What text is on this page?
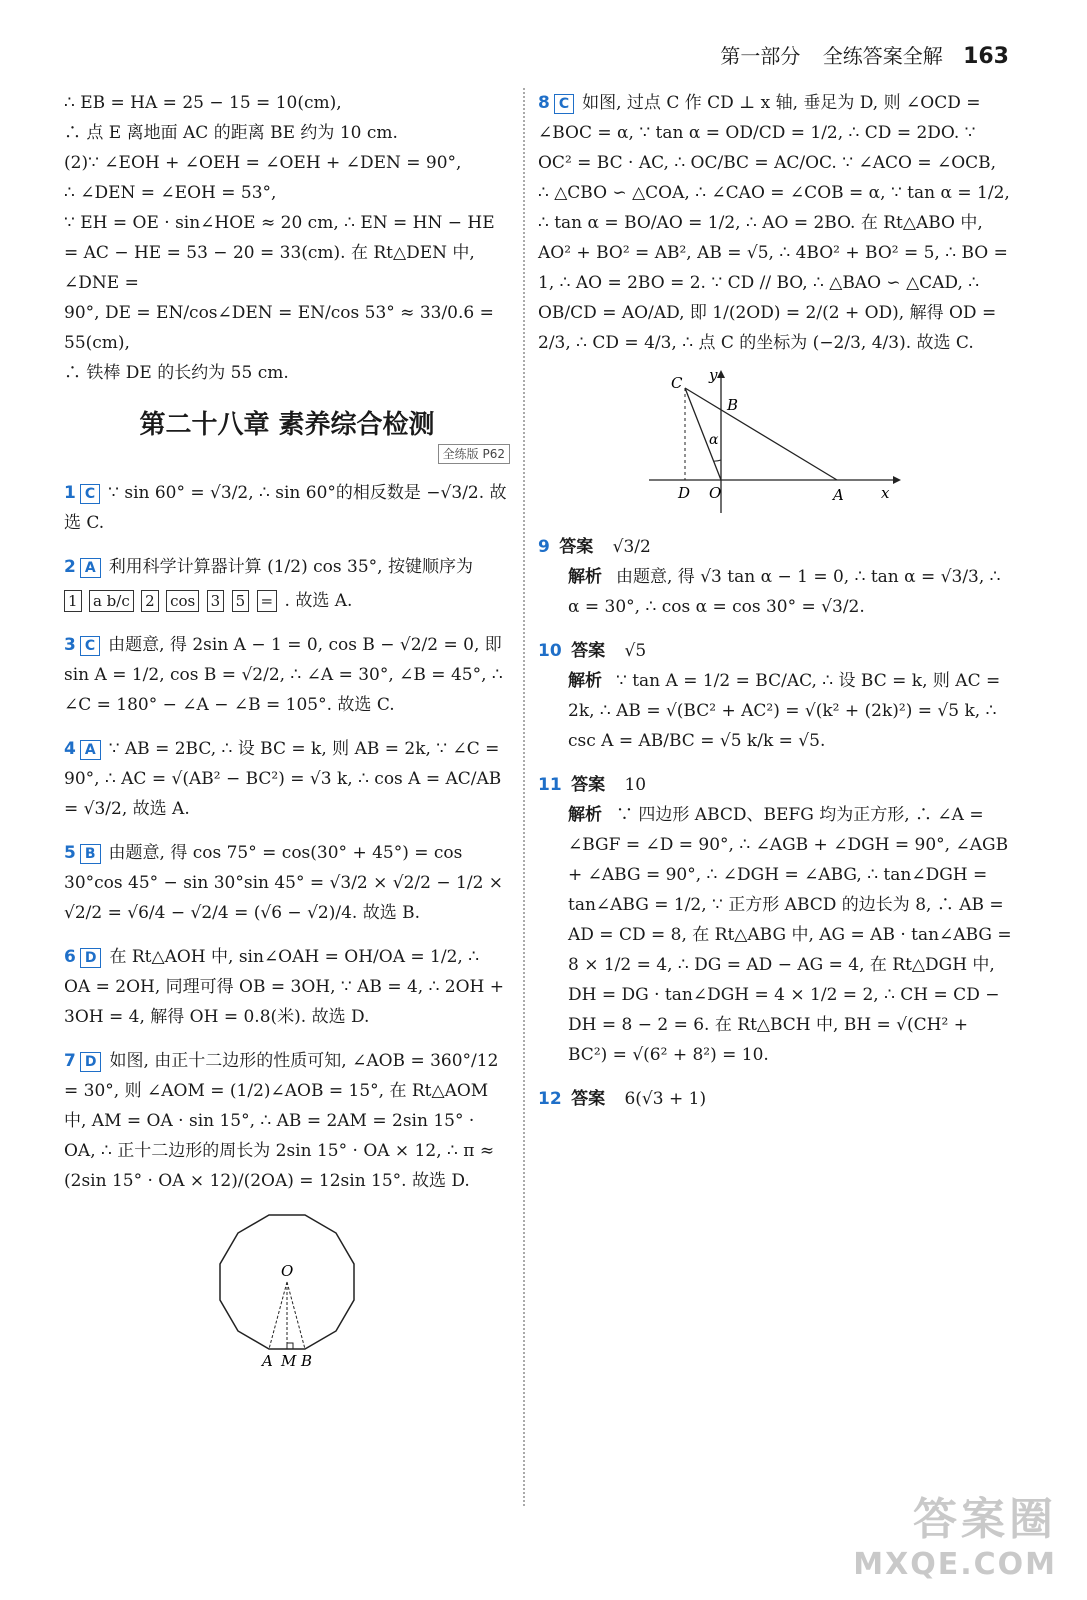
第一部分 全练答案全解 163

∴ EB = HA = 25 − 15 = 10(cm),

∴ 点 E 离地面 AC 的距离 BE 约为 10 cm.

(2)∵ ∠EOH + ∠OEH = ∠OEH + ∠DEN = 90°,

∴ ∠DEN = ∠EOH = 53°,

∵ EH = OE · sin∠HOE ≈ 20 cm, ∴ EN = HN − HE = AC − HE = 53 − 20 = 33(cm). 在 Rt△DEN 中, ∠DNE =

90°, DE = EN/cos∠DEN = EN/cos 53° ≈ 33/0.6 = 55(cm),

∴ 铁棒 DE 的长约为 55 cm.

第二十八章 素养综合检测
全练版 P62
1 C ∵ sin 60° = √3/2, ∴ sin 60°的相反数是 −√3/2. 故选 C.
2 A 利用科学计算器计算 (1/2) cos 35°, 按键顺序为
1 a b/c 2 cos 3 5 = . 故选 A.
3 C 由题意, 得 2sin A − 1 = 0, cos B − √2/2 = 0, 即 sin A = 1/2, cos B = √2/2, ∴ ∠A = 30°, ∠B = 45°, ∴ ∠C = 180° − ∠A − ∠B = 105°. 故选 C.
4 A ∵ AB = 2BC, ∴ 设 BC = k, 则 AB = 2k, ∵ ∠C = 90°, ∴ AC = √(AB² − BC²) = √3 k, ∴ cos A = AC/AB = √3/2, 故选 A.
5 B 由题意, 得 cos 75° = cos(30° + 45°) = cos 30°cos 45° − sin 30°sin 45° = √3/2 × √2/2 − 1/2 × √2/2 = √6/4 − √2/4 = (√6 − √2)/4. 故选 B.
6 D 在 Rt△AOH 中, sin∠OAH = OH/OA = 1/2, ∴ OA = 2OH, 同理可得 OB = 3OH, ∵ AB = 4, ∴ 2OH + 3OH = 4, 解得 OH = 0.8(米). 故选 D.
7 D 如图, 由正十二边形的性质可知, ∠AOB = 360°/12 = 30°, 则 ∠AOM = (1/2)∠AOB = 15°, 在 Rt△AOM 中, AM = OA · sin 15°, ∴ AB = 2AM = 2sin 15° · OA, ∴ 正十二边形的周长为 2sin 15° · OA × 12, ∴ π ≈ (2sin 15° · OA × 12)/(2OA) = 12sin 15°. 故选 D.
O
A M B
8 C 如图, 过点 C 作 CD ⊥ x 轴, 垂足为 D, 则 ∠OCD = ∠BOC = α, ∵ tan α = OD/CD = 1/2, ∴ CD = 2DO. ∵ OC² = BC · AC, ∴ OC/BC = AC/OC. ∵ ∠ACO = ∠OCB, ∴ △CBO ∽ △COA, ∴ ∠CAO = ∠COB = α, ∵ tan α = 1/2, ∴ tan α = BO/AO = 1/2, ∴ AO = 2BO. 在 Rt△ABO 中, AO² + BO² = AB², AB = √5, ∴ 4BO² + BO² = 5, ∴ BO = 1, ∴ AO = 2BO = 2. ∵ CD // BO, ∴ △BAO ∽ △CAD, ∴ OB/CD = AO/AD, 即 1/(2OD) = 2/(2 + OD), 解得 OD = 2/3, ∴ CD = 4/3, ∴ 点 C 的坐标为 (−2/3, 4/3). 故选 C.
C
B
y
α
D O	A x
9 答案 √3/2
解析 由题意, 得 √3 tan α − 1 = 0, ∴ tan α = √3/3, ∴ α = 30°, ∴ cos α = cos 30° = √3/2.
10 答案 √5
解析 ∵ tan A = 1/2 = BC/AC, ∴ 设 BC = k, 则 AC = 2k, ∴ AB = √(BC² + AC²) = √(k² + (2k)²) = √5 k, ∴ csc A = AB/BC = √5 k/k = √5.
11 答案 10
解析 ∵ 四边形 ABCD、BEFG 均为正方形, ∴ ∠A = ∠BGF = ∠D = 90°, ∴ ∠AGB + ∠DGH = 90°, ∠AGB + ∠ABG = 90°, ∴ ∠DGH = ∠ABG, ∴ tan∠DGH = tan∠ABG = 1/2, ∵ 正方形 ABCD 的边长为 8, ∴ AB = AD = CD = 8, 在 Rt△ABG 中, AG = AB · tan∠ABG = 8 × 1/2 = 4, ∴ DG = AD − AG = 4, 在 Rt△DGH 中, DH = DG · tan∠DGH = 4 × 1/2 = 2, ∴ CH = CD − DH = 8 − 2 = 6. 在 Rt△BCH 中, BH = √(CH² + BC²) = √(6² + 8²) = 10.
12 答案 6(√3 + 1)
答案圈
MXQE.COM
